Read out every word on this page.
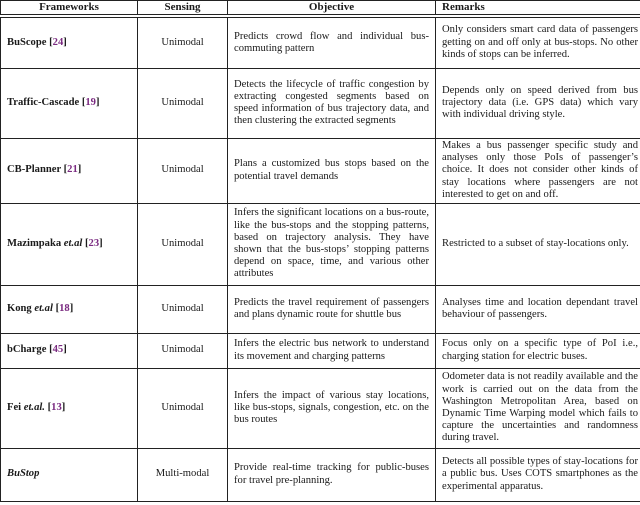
Frameworks	Sensing	Objective	Remarks
BuScope [24]	Unimodal	Predicts crowd flow and individual bus-commuting pattern	Only considers smart card data of passengers getting on and off only at bus-stops. No other kinds of stops can be inferred.
Traffic-Cascade [19]	Unimodal	Detects the lifecycle of traffic congestion by extracting congested segments based on speed information of bus trajectory data, and then clustering the extracted segments	Depends only on speed derived from bus trajectory data (i.e. GPS data) which vary with individual driving style.
CB-Planner [21]	Unimodal	Plans a customized bus stops based on the potential travel demands	Makes a bus passenger specific study and analyses only those PoIs of passenger’s choice. It does not consider other kinds of stay locations where passengers are not interested to get on and off.
Mazimpaka et.al [23]	Unimodal	Infers the significant locations on a bus-route, like the bus-stops and the stopping patterns, based on trajectory analysis. They have shown that the bus-stops’ stopping patterns depend on space, time, and various other attributes	Restricted to a subset of stay-locations only.
Kong et.al [18]	Unimodal	Predicts the travel requirement of passengers and plans dynamic route for shuttle bus	Analyses time and location dependant travel behaviour of passengers.
bCharge [45]	Unimodal	Infers the electric bus network to understand its movement and charging patterns	Focus only on a specific type of PoI i.e., charging station for electric buses.
Fei et.al. [13]	Unimodal	Infers the impact of various stay locations, like bus-stops, signals, congestion, etc. on the bus routes	Odometer data is not readily available and the work is carried out on the data from the Washington Metropolitan Area, based on Dynamic Time Warping model which fails to capture the uncertainties and randomness during travel.
BuStop	Multi-modal	Provide real-time tracking for public-buses for travel pre-planning.	Detects all possible types of stay-locations for a public bus. Uses COTS smartphones as the experimental apparatus.
